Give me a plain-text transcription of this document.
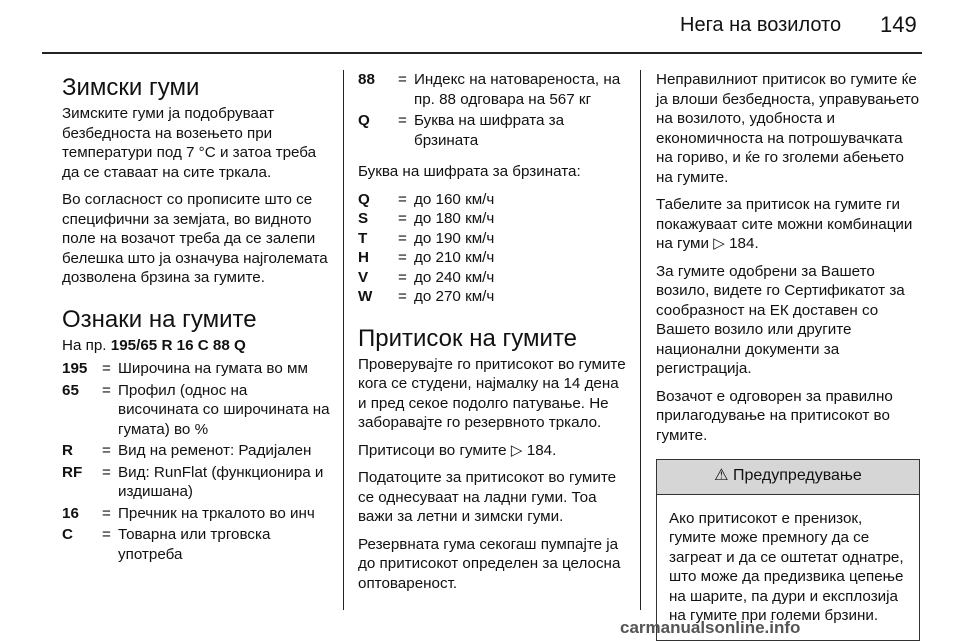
Нега на возилото 149
Зимски гуми

Зимските гуми ја подобруваат безбедноста на возењето при температури под 7 °C и затоа треба да се ставаат на сите тркала.

Во согласност со прописите што се специфични за земјата, во видното поле на возачот треба да се залепи белешка што ја означува најголемата дозволена брзина за гумите.

Ознаки на гумите

На пр. 195/65 R 16 C 88 Q

195 = Широчина на гумата во мм
65	= Профил (однос на височината со широчината на гумата) во %
R	= Вид на ременот: Радијален
RF	= Вид: RunFlat (функционира и издишана)
16	= Пречник на тркалото во инч
C	= Товарна или трговска употреба
88	= Индекс на натовареноста, на пр. 88 одговара на 567 кг
Q	= Буква на шифрата за брзината

Буква на шифрата за брзината:

Q	= до 160 км/ч
S	= до 180 км/ч
T	= до 190 км/ч
H	= до 210 км/ч
V	= до 240 км/ч
W	= до 270 км/ч
Притисок на гумите

Проверувајте го притисокот во гумите кога се студени, најмалку на 14 дена и пред секое подолго патување. Не заборавајте го резервното тркало.

Притисоци во гумите ▷ 184.

Податоците за притисокот во гумите се однесуваат на ладни гуми. Тоа важи за летни и зимски гуми.

Резервната гума секогаш пумпајте ја до притисокот определен за целосна оптовареност.

Неправилниот притисок во гумите ќе ја влоши безбедноста, управувањето на возилото, удобноста и економичноста на потрошувачката на гориво, и ќе го зголеми абењето на гумите.

Табелите за притисок на гумите ги покажуваат сите можни комбинации на гуми ▷ 184.

За гумите одобрени за Вашето возило, видете го Сертификатот за сообразност на ЕК доставен со Вашето возило или другите национални документи за регистрација.

Возачот е одговорен за правилно прилагодување на притисокот во гумите.

⚠ Предупредување
Ако притисокот е пренизок, гумите може премногу да се загреат и да се оштетат однатре, што може да предизвика цепење на шарите, па дури и експлозија на гумите при големи брзини.
carmanualsonline.info
